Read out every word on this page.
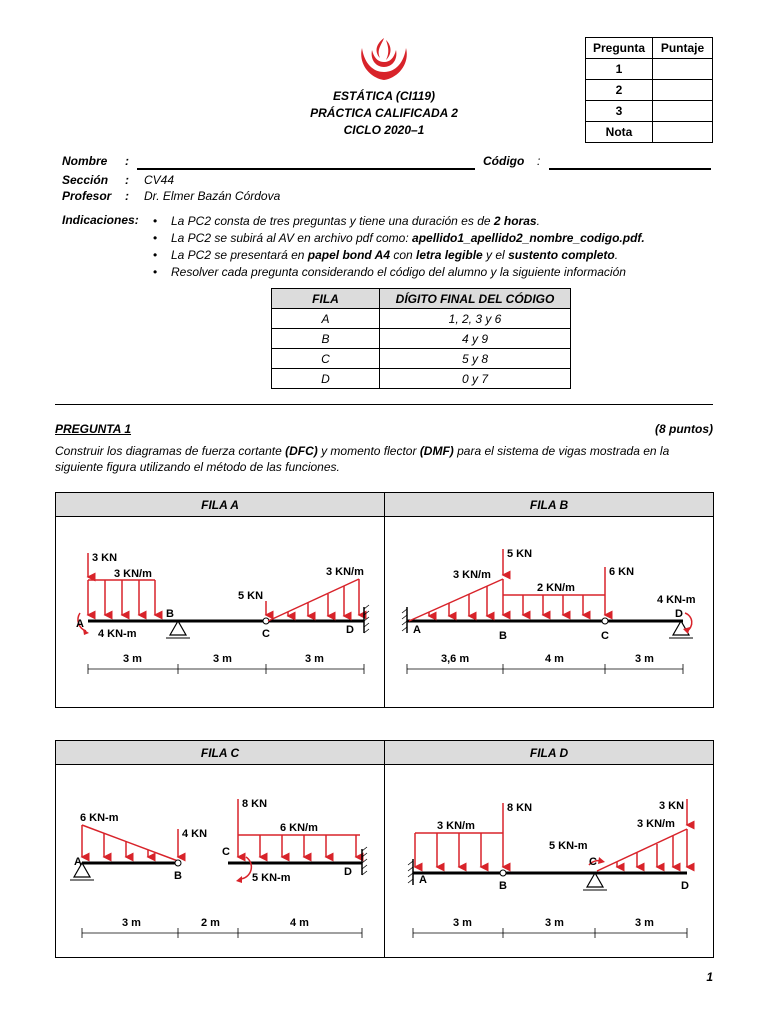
ESTÁTICA (CI119)
PRÁCTICA CALIFICADA 2
CICLO 2020–1
Pregunta	Puntaje
1	
2	
3	
Nota	
Nombre :	Código :
Sección : CV44
Profesor : Dr. Elmer Bazán Córdova
Indicaciones:	• La PC2 consta de tres preguntas y tiene una duración es de 2 horas.
• La PC2 se subirá al AV en archivo pdf como: apellido1_apellido2_nombre_codigo.pdf.
• La PC2 se presentará en papel bond A4 con letra legible y el sustento completo.
• Resolver cada pregunta considerando el código del alumno y la siguiente información
FILA	DÍGITO FINAL DEL CÓDIGO
A	1, 2, 3 y 6
B	4 y 9
C	5 y 8
D	0 y 7
PREGUNTA 1	(8 puntos)
Construir los diagramas de fuerza cortante (DFC) y momento flector (DMF) para el sistema de vigas mostrada en la siguiente figura utilizando el método de las funciones.
FILA A
3 KN
3 KN/m
4 KN-m
A
B
5 KN
C
3 KN/m
D
3 m	3 m	3 m
FILA B
A
3 KN/m
5 KN
B
2 KN/m
6 KN
C
D
4 KN-m
3,6 m	4 m	3 m
FILA C
6 KN-m
A
4 KN
B
8 KN
C
5 KN-m
6 KN/m
D
3 m	2 m	4 m
FILA D
A
3 KN/m
8 KN
B
C
5 KN-m
3 KN/m
3 KN
D
3 m	3 m	3 m
1
